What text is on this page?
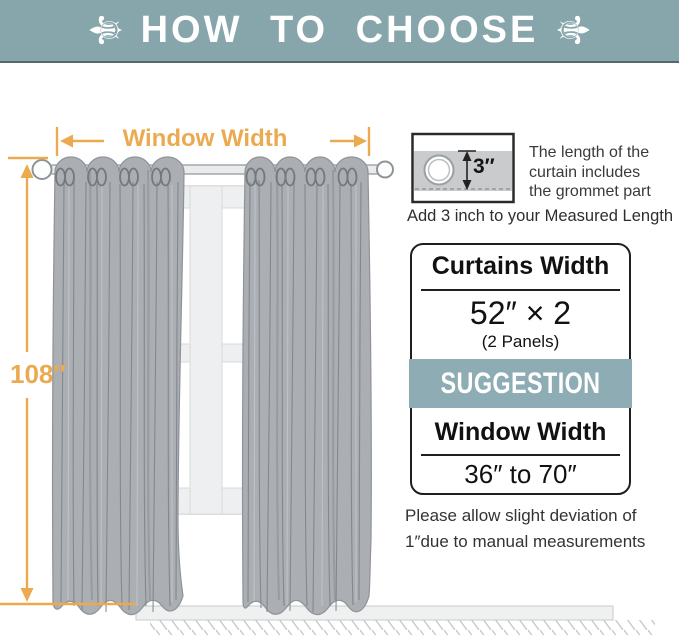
⚜ HOW TO CHOOSE ⚜
Window Width
108″
3″
The length of the
curtain includes
the grommet part
Add 3 inch to your Measured Length
Curtains Width
52″ × 2
(2 Panels)
SUGGESTION
Window Width
36″ to 70″
Please allow slight deviation of
1″due to manual measurements
